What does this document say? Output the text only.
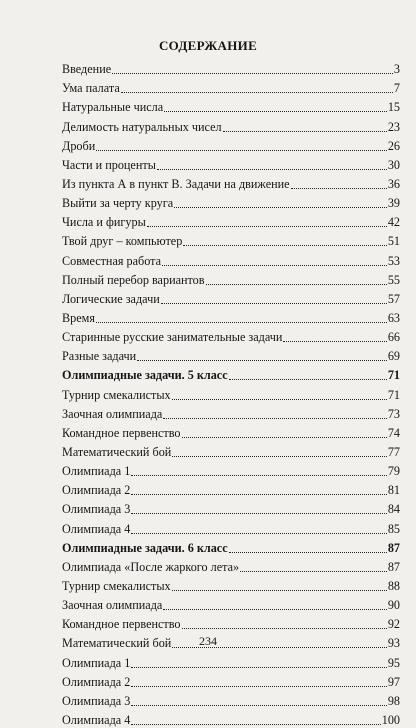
СОДЕРЖАНИЕ
Введение	3
Ума палата	7
Натуральные числа	15
Делимость натуральных чисел	23
Дроби	26
Части и проценты	30
Из пункта А в пункт В. Задачи на движение	36
Выйти за черту круга	39
Числа и фигуры	42
Твой друг – компьютер	51
Совместная работа	53
Полный перебор вариантов	55
Логические задачи	57
Время	63
Старинные русские занимательные задачи	66
Разные задачи	69
Олимпиадные задачи. 5 класс	71
Турнир смекалистых	71
Заочная олимпиада	73
Командное первенство	74
Математический бой	77
Олимпиада 1	79
Олимпиада 2	81
Олимпиада 3	84
Олимпиада 4	85
Олимпиадные задачи. 6 класс	87
Олимпиада «После жаркого лета»	87
Турнир смекалистых	88
Заочная олимпиада	90
Командное первенство	92
Математический бой	93
Олимпиада 1	95
Олимпиада 2	97
Олимпиада 3	98
Олимпиада 4	100
234
